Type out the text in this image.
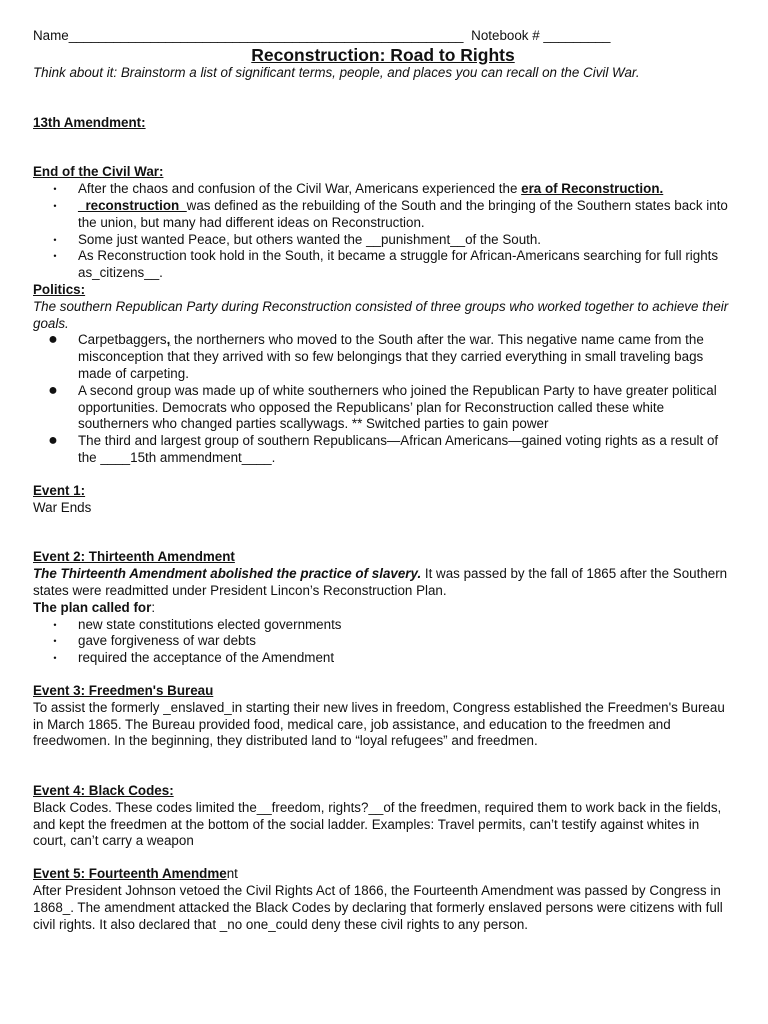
Name_____________________________________________________ Notebook # _________
Reconstruction: Road to Rights
Think about it: Brainstorm a list of significant terms, people, and places you can recall on the Civil War.
13th Amendment:
End of the Civil War:
•	After the chaos and confusion of the Civil War, Americans experienced the era of Reconstruction.
•	_reconstruction_was defined as the rebuilding of the South and the bringing of the Southern states back into the union, but many had different ideas on Reconstruction.
•	Some just wanted Peace, but others wanted the __punishment__of the South.
•	As Reconstruction took hold in the South, it became a struggle for African-Americans searching for full rights as_citizens__.
Politics:
The southern Republican Party during Reconstruction consisted of three groups who worked together to achieve their goals.
● Carpetbaggers, the northerners who moved to the South after the war. This negative name came from the misconception that they arrived with so few belongings that they carried everything in small traveling bags made of carpeting.
● A second group was made up of white southerners who joined the Republican Party to have greater political opportunities. Democrats who opposed the Republicans’ plan for Reconstruction called these white southerners who changed parties scallywags. ** Switched parties to gain power
● The third and largest group of southern Republicans—African Americans—gained voting rights as a result of the ____15th ammendment____.
Event 1:
War Ends
Event 2: Thirteenth Amendment
The Thirteenth Amendment abolished the practice of slavery. It was passed by the fall of 1865 after the Southern states were readmitted under President Lincon’s Reconstruction Plan.
The plan called for:
•	new state constitutions elected governments
•	gave forgiveness of war debts
•	required the acceptance of the Amendment
Event 3: Freedmen's Bureau
To assist the formerly _enslaved_in starting their new lives in freedom, Congress established the Freedmen's Bureau in March 1865. The Bureau provided food, medical care, job assistance, and education to the freedmen and freedwomen. In the beginning, they distributed land to “loyal refugees” and freedmen.
Event 4: Black Codes:
Black Codes. These codes limited the__freedom, rights?__of the freedmen, required them to work back in the fields, and kept the freedmen at the bottom of the social ladder. Examples: Travel permits, can’t testify against whites in court, can’t carry a weapon
Event 5: Fourteenth Amendment
After President Johnson vetoed the Civil Rights Act of 1866, the Fourteenth Amendment was passed by Congress in 1868_. The amendment attacked the Black Codes by declaring that formerly enslaved persons were citizens with full civil rights. It also declared that _no one_could deny these civil rights to any person.
